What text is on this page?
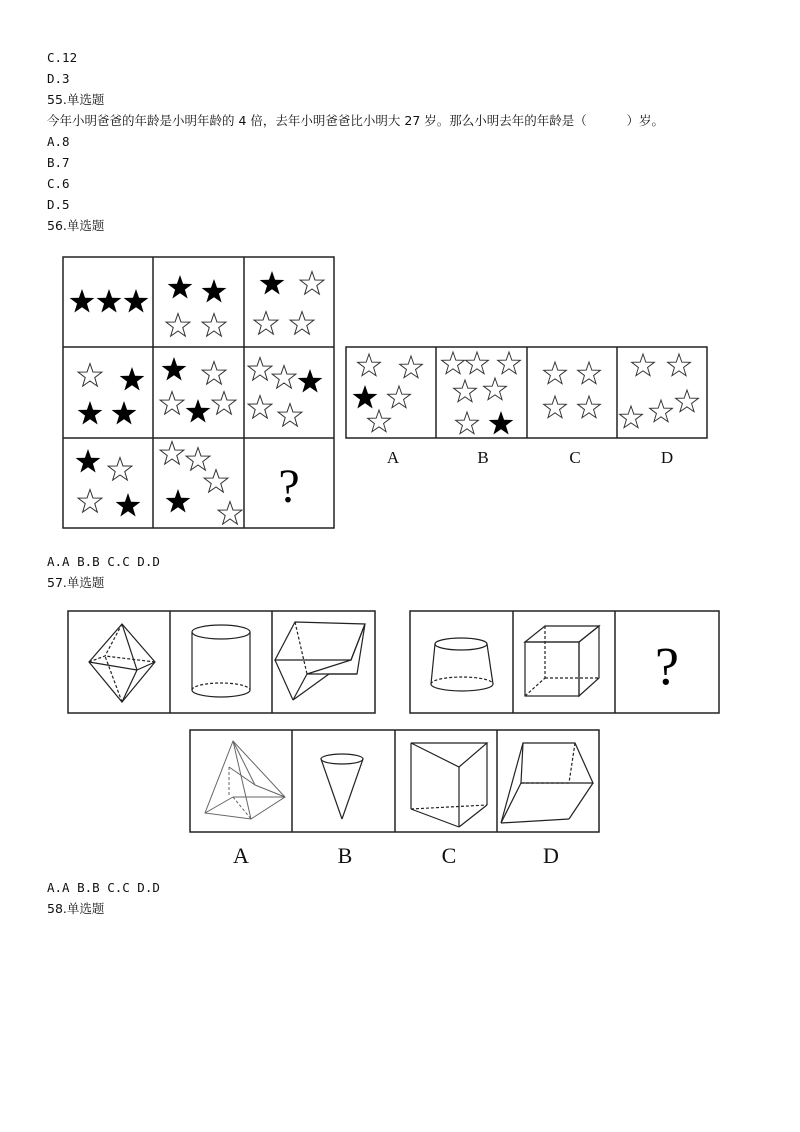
C.12
D.3
55.单选题
今年小明爸爸的年龄是小明年龄的 4 倍，去年小明爸爸比小明大 27 岁。那么小明去年的年龄是（          ）岁。
A.8
B.7
C.6
D.5
56.单选题
?
A	B	C	D
A.A B.B C.C D.D
57.单选题
?
A	B	C	D
A.A B.B C.C D.D
58.单选题
